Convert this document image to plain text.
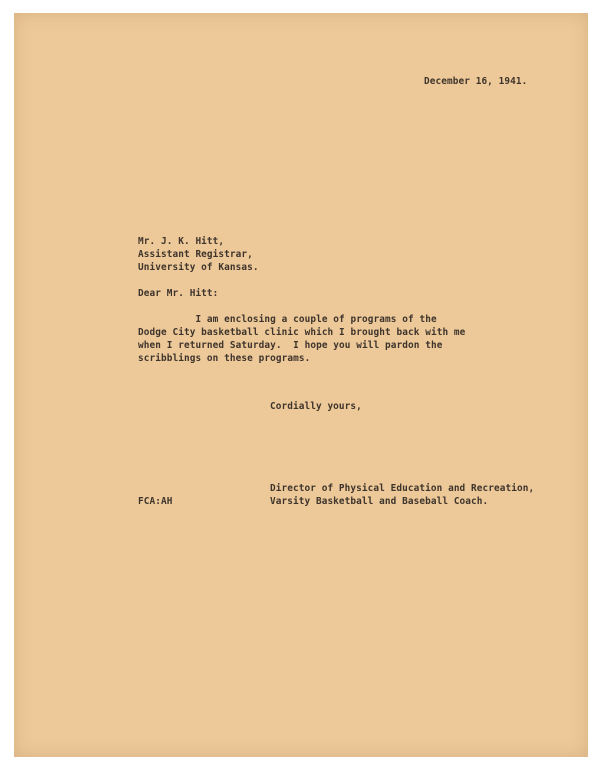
December 16, 1941.
Mr. J. K. Hitt,
Assistant Registrar,
University of Kansas.
Dear Mr. Hitt:
I am enclosing a couple of programs of the
Dodge City basketball clinic which I brought back with me
when I returned Saturday.  I hope you will pardon the
scribblings on these programs.
Cordially yours,
Director of Physical Education and Recreation,
Varsity Basketball and Baseball Coach.
FCA:AH
